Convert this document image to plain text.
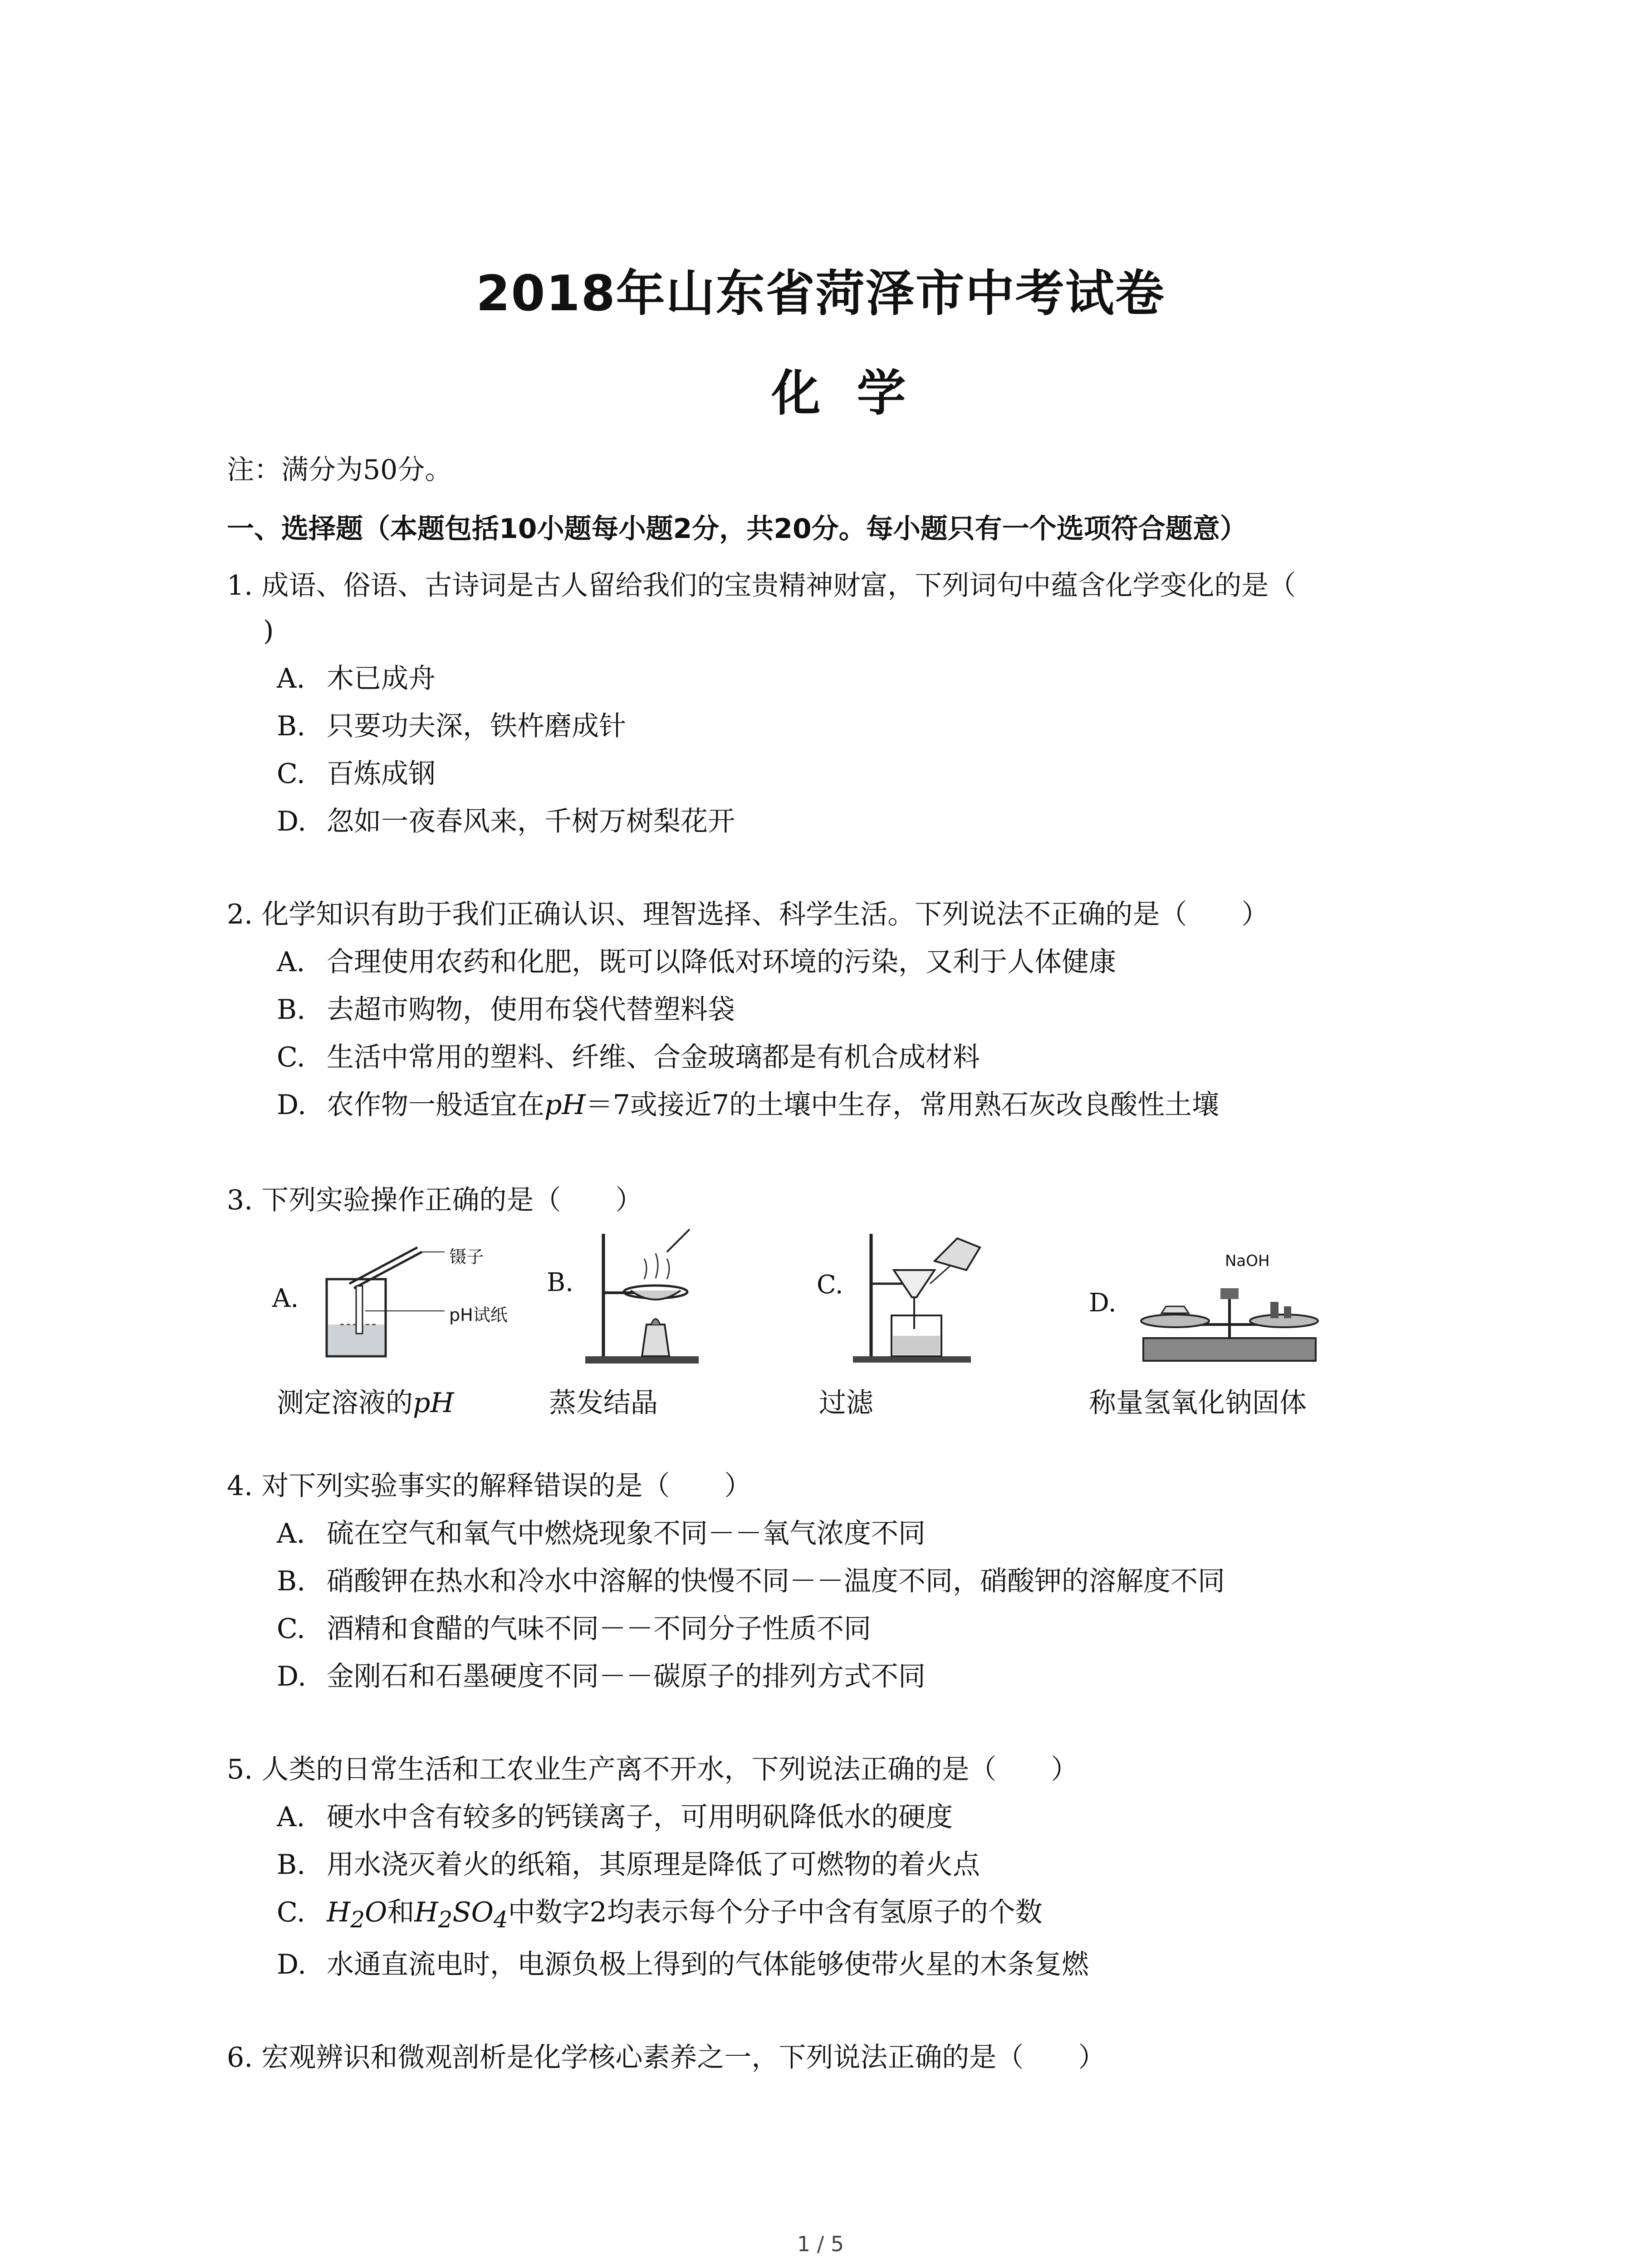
2018年山东省菏泽市中考试卷
化学
注：满分为50分。
一、选择题（本题包括10小题每小题2分，共20分。每小题只有一个选项符合题意）
1. 成语、俗语、古诗词是古人留给我们的宝贵精神财富，下列词句中蕴含化学变化的是（
)
A. 木已成舟
B. 只要功夫深，铁杵磨成针
C. 百炼成钢
D. 忽如一夜春风来，千树万树梨花开
2. 化学知识有助于我们正确认识、理智选择、科学生活。下列说法不正确的是（　　）
A. 合理使用农药和化肥，既可以降低对环境的污染，又利于人体健康
B. 去超市购物，使用布袋代替塑料袋
C. 生活中常用的塑料、纤维、合金玻璃都是有机合成材料
D. 农作物一般适宜在pH＝7或接近7的土壤中生存，常用熟石灰改良酸性土壤
3. 下列实验操作正确的是（　　）
A.
镊子
pH试纸
测定溶液的pH
B.
蒸发结晶
C.
过滤
D.
NaOH
称量氢氧化钠固体
4. 对下列实验事实的解释错误的是（　　）
A. 硫在空气和氧气中燃烧现象不同－－氧气浓度不同
B. 硝酸钾在热水和冷水中溶解的快慢不同－－温度不同，硝酸钾的溶解度不同
C. 酒精和食醋的气味不同－－不同分子性质不同
D. 金刚石和石墨硬度不同－－碳原子的排列方式不同
5. 人类的日常生活和工农业生产离不开水，下列说法正确的是（　　）
A. 硬水中含有较多的钙镁离子，可用明矾降低水的硬度
B. 用水浇灭着火的纸箱，其原理是降低了可燃物的着火点
C. $H_2O$和$H_2SO_4$中数字2均表示每个分子中含有氢原子的个数
D. 水通直流电时，电源负极上得到的气体能够使带火星的木条复燃
6. 宏观辨识和微观剖析是化学核心素养之一，下列说法正确的是（　　）
1 / 5
